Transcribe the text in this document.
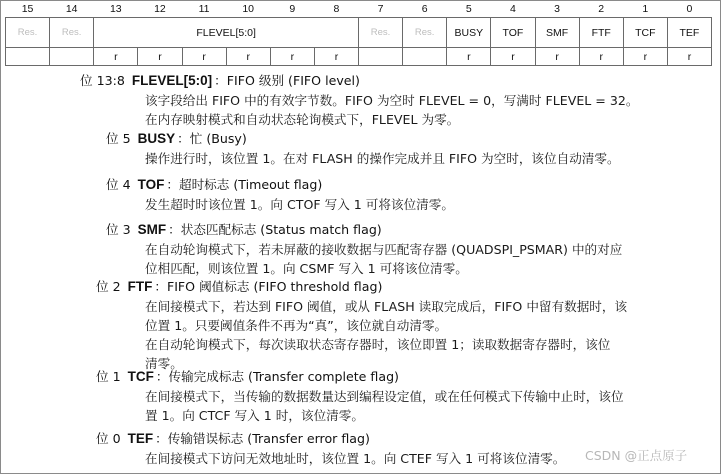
15	14	13	12	11	10	9	8	7	6	5	4	3	2	1	0
Res.	Res.	FLEVEL[5:0]						Res.	Res.	BUSY	TOF	SMF	FTF	TCF	TEF
		r	r	r	r	r	r			r	r	r	r	r	r
位 13:8 FLEVEL[5:0] ：FIFO 级别 (FIFO level)
该字段给出 FIFO 中的有效字节数。FIFO 为空时 FLEVEL = 0，写满时 FLEVEL = 32。
在内存映射模式和自动状态轮询模式下，FLEVEL 为零。
位 5 BUSY ：忙 (Busy)
操作进行时，该位置 1。在对 FLASH 的操作完成并且 FIFO 为空时，该位自动清零。
位 4 TOF ：超时标志 (Timeout flag)
发生超时时该位置 1。向 CTOF 写入 1 可将该位清零。
位 3 SMF ：状态匹配标志 (Status match flag)
在自动轮询模式下，若未屏蔽的接收数据与匹配寄存器 (QUADSPI_PSMAR) 中的对应
位相匹配，则该位置 1。向 CSMF 写入 1 可将该位清零。
位 2 FTF ：FIFO 阈值标志 (FIFO threshold flag)
在间接模式下，若达到 FIFO 阈值，或从 FLASH 读取完成后，FIFO 中留有数据时，该
位置 1。只要阈值条件不再为“真”，该位就自动清零。
在自动轮询模式下，每次读取状态寄存器时，该位即置 1；读取数据寄存器时，该位
清零。
位 1 TCF ：传输完成标志 (Transfer complete flag)
在间接模式下，当传输的数据数量达到编程设定值，或在任何模式下传输中止时，该位
置 1。向 CTCF 写入 1 时，该位清零。
位 0 TEF ：传输错误标志 (Transfer error flag)
在间接模式下访问无效地址时，该位置 1。向 CTEF 写入 1 可将该位清零。 CSDN @正点原子
